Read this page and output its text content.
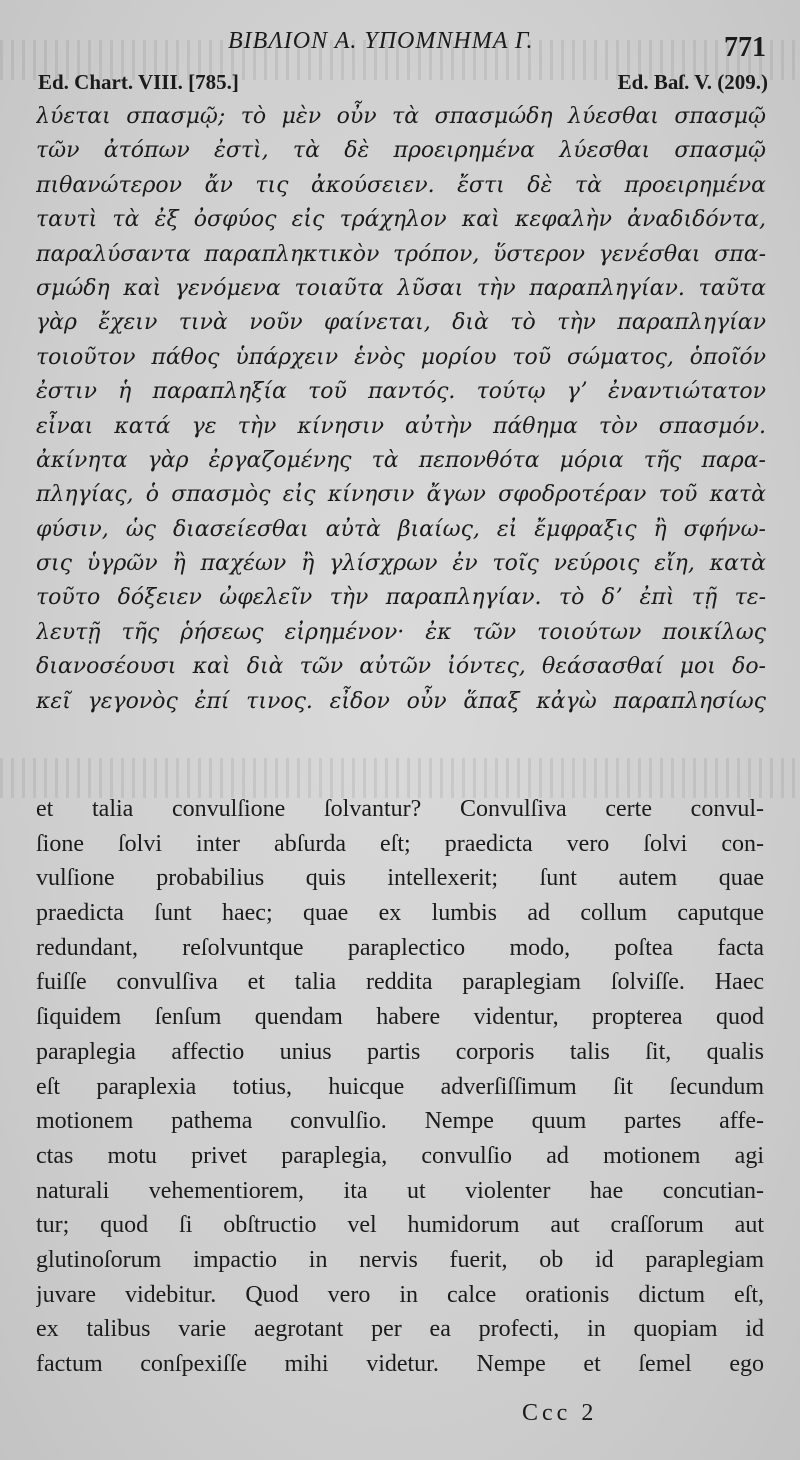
ΒΙΒΛΙΟΝ Α. ΥΠΟΜΝΗΜΑ Γ.	771
Ed. Chart. VIII. [785.]	Ed. Baſ. V. (209.)
λύεται σπασμῷ; τὸ μὲν οὖν τὰ σπασμώδη λύεσθαι σπασμῷ
τῶν ἀτόπων ἐστὶ, τὰ δὲ προειρημένα λύεσθαι σπασμῷ
πιθανώτερον ἄν τις ἀκούσειεν. ἔστι δὲ τὰ προειρημένα
ταυτὶ τὰ ἐξ ὀσφύος εἰς τράχηλον καὶ κεφαλὴν ἀναδιδόντα,
παραλύσαντα παραπληκτικὸν τρόπον, ὕστερον γενέσθαι σπα-
σμώδη καὶ γενόμενα τοιαῦτα λῦσαι τὴν παραπληγίαν. ταῦτα
γὰρ ἔχειν τινὰ νοῦν φαίνεται, διὰ τὸ τὴν παραπληγίαν
τοιοῦτον πάθος ὑπάρχειν ἑνὸς μορίου τοῦ σώματος, ὁποῖόν
ἐστιν ἡ παραπληξία τοῦ παντός. τούτῳ γʼ ἐναντιώτατον
εἶναι κατά γε τὴν κίνησιν αὐτὴν πάθημα τὸν σπασμόν.
ἀκίνητα γὰρ ἐργαζομένης τὰ πεπονθότα μόρια τῆς παρα-
πληγίας, ὁ σπασμὸς εἰς κίνησιν ἄγων σφοδροτέραν τοῦ κατὰ
φύσιν, ὡς διασείεσθαι αὐτὰ βιαίως, εἰ ἔμφραξις ἢ σφήνω-
σις ὑγρῶν ἢ παχέων ἢ γλίσχρων ἐν τοῖς νεύροις εἴη, κατὰ
τοῦτο δόξειεν ὠφελεῖν τὴν παραπληγίαν. τὸ δʼ ἐπὶ τῇ τε-
λευτῇ τῆς ῥήσεως εἰρημένον· ἐκ τῶν τοιούτων ποικίλως
διανοσέουσι καὶ διὰ τῶν αὐτῶν ἰόντες, θεάσασθαί μοι δο-
κεῖ γεγονὸς ἐπί τινος. εἶδον οὖν ἅπαξ κἀγὼ παραπλησίως
et talia convulſione ſolvantur? Convulſiva certe convul-
ſione ſolvi inter abſurda eſt; praedicta vero ſolvi con-
vulſione probabilius quis intellexerit; ſunt autem quae
praedicta ſunt haec; quae ex lumbis ad collum caputque
redundant, reſolvuntque paraplectico modo, poſtea facta
fuiſſe convulſiva et talia reddita paraplegiam ſolviſſe. Haec
ſiquidem ſenſum quendam habere videntur, propterea quod
paraplegia affectio unius partis corporis talis ſit, qualis
eſt paraplexia totius, huicque adverſiſſimum ſit ſecundum
motionem pathema convulſio. Nempe quum partes affe-
ctas motu privet paraplegia, convulſio ad motionem agi
naturali vehementiorem, ita ut violenter hae concutian-
tur; quod ſi obſtructio vel humidorum aut craſſorum aut
glutinoſorum impactio in nervis fuerit, ob id paraplegiam
juvare videbitur. Quod vero in calce orationis dictum eſt,
ex talibus varie aegrotant per ea profecti, in quopiam id
factum conſpexiſſe mihi videtur. Nempe et ſemel ego
Ccc 2
